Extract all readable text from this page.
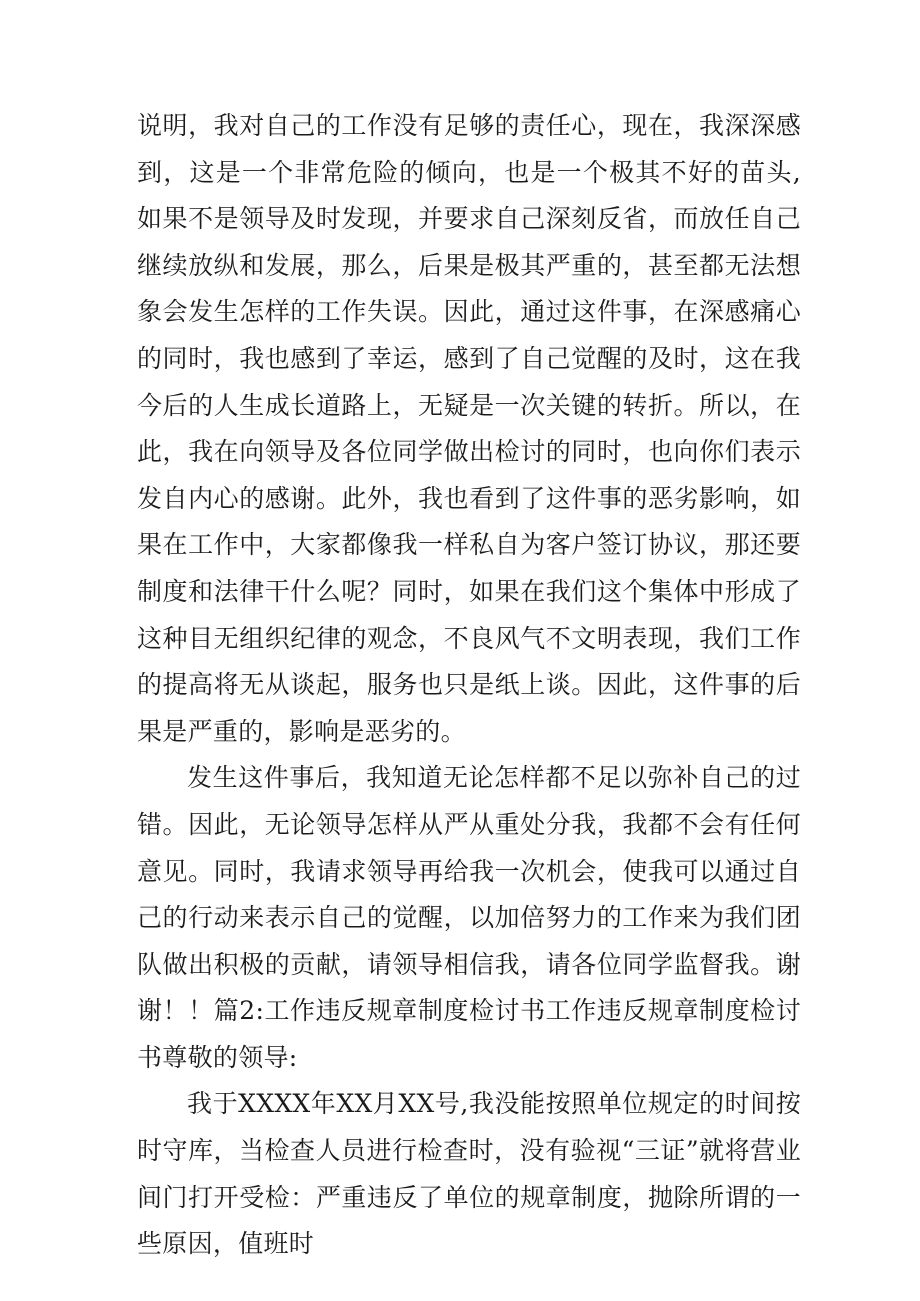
说明，我对自己的工作没有足够的责任心，现在，我深深感到，这是一个非常危险的倾向，也是一个极其不好的苗头,如果不是领导及时发现，并要求自己深刻反省，而放任自己继续放纵和发展，那么，后果是极其严重的，甚至都无法想象会发生怎样的工作失误。因此，通过这件事，在深感痛心的同时，我也感到了幸运，感到了自己觉醒的及时，这在我今后的人生成长道路上，无疑是一次关键的转折。所以，在此，我在向领导及各位同学做出检讨的同时，也向你们表示发自内心的感谢。此外，我也看到了这件事的恶劣影响，如果在工作中，大家都像我一样私自为客户签订协议，那还要制度和法律干什么呢？同时，如果在我们这个集体中形成了这种目无组织纪律的观念，不良风气不文明表现，我们工作的提高将无从谈起，服务也只是纸上谈。因此，这件事的后果是严重的，影响是恶劣的。

发生这件事后，我知道无论怎样都不足以弥补自己的过错。因此，无论领导怎样从严从重处分我，我都不会有任何意见。同时，我请求领导再给我一次机会，使我可以通过自己的行动来表示自己的觉醒，以加倍努力的工作来为我们团队做出积极的贡献，请领导相信我，请各位同学监督我。谢谢！！篇2:工作违反规章制度检讨书工作违反规章制度检讨书尊敬的领导:

我于XXXX年XX月XX号,我没能按照单位规定的时间按时守库，当检查人员进行检查时，没有验视“三证”就将营业间门打开受检：严重违反了单位的规章制度，抛除所谓的一些原因，值班时
